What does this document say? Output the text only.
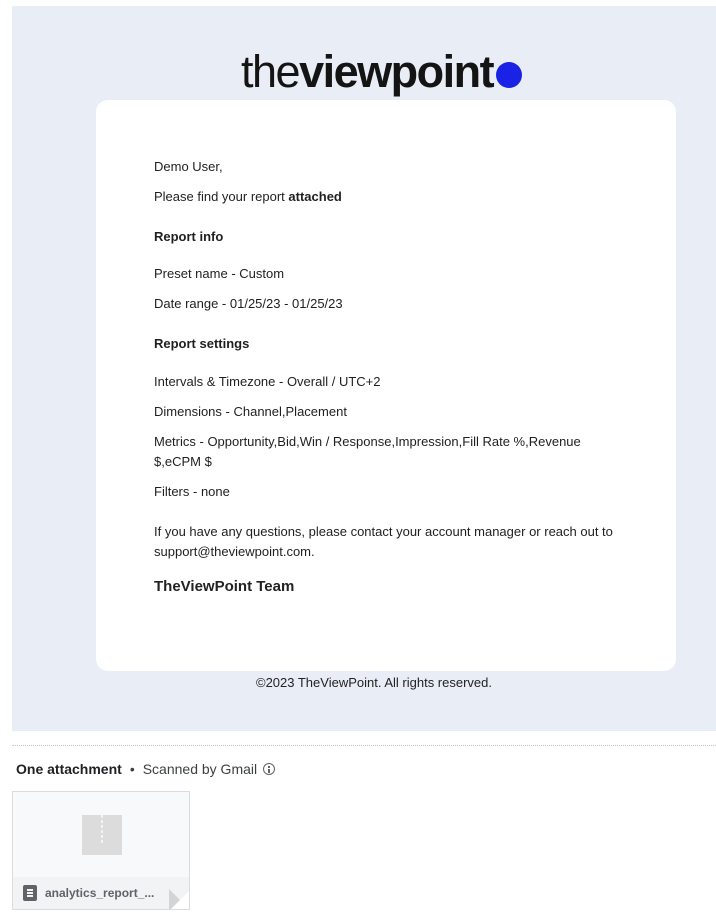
the viewpoint
Demo User,
Please find your report attached
Report info
Preset name - Custom
Date range - 01/25/23 - 01/25/23
Report settings
Intervals & Timezone - Overall / UTC+2
Dimensions - Channel,Placement
Metrics - Opportunity,Bid,Win / Response,Impression,Fill Rate %,Revenue $,eCPM $
Filters - none
If you have any questions, please contact your account manager or reach out to support@theviewpoint.com.
TheViewPoint Team
©2023 TheViewPoint. All rights reserved.
One attachment • Scanned by Gmail
analytics_report_...
